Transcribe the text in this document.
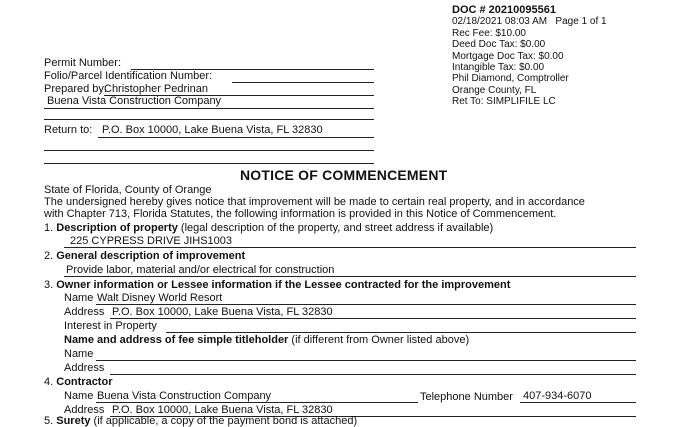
DOC # 20210095561
02/18/2021 08:03 AM Page 1 of 1
Rec Fee: $10.00
Deed Doc Tax: $0.00
Mortgage Doc Tax: $0.00
Intangible Tax: $0.00
Phil Diamond, Comptroller
Orange County, FL
Ret To: SIMPLIFILE LC
Permit Number:
Folio/Parcel Identification Number:
Prepared by:
Christopher Pedrinan
Buena Vista Construction Company
Return to: P.O. Box 10000, Lake Buena Vista, FL 32830
NOTICE OF COMMENCEMENT
State of Florida, County of Orange
The undersigned hereby gives notice that improvement will be made to certain real property, and in accordance
with Chapter 713, Florida Statutes, the following information is provided in this Notice of Commencement.
1. Description of property (legal description of the property, and street address if available)
225 CYPRESS DRIVE JIHS1003
2. General description of improvement
Provide labor, material and/or electrical for construction
3. Owner information or Lessee information if the Lessee contracted for the improvement
Name Walt Disney World Resort
Address P.O. Box 10000, Lake Buena Vista, FL 32830
Interest in Property
Name and address of fee simple titleholder (if different from Owner listed above)
Name
Address
4. Contractor
Name Buena Vista Construction Company	Telephone Number 407-934-6070
Address P.O. Box 10000, Lake Buena Vista, FL 32830
5. Surety (if applicable, a copy of the payment bond is attached)
